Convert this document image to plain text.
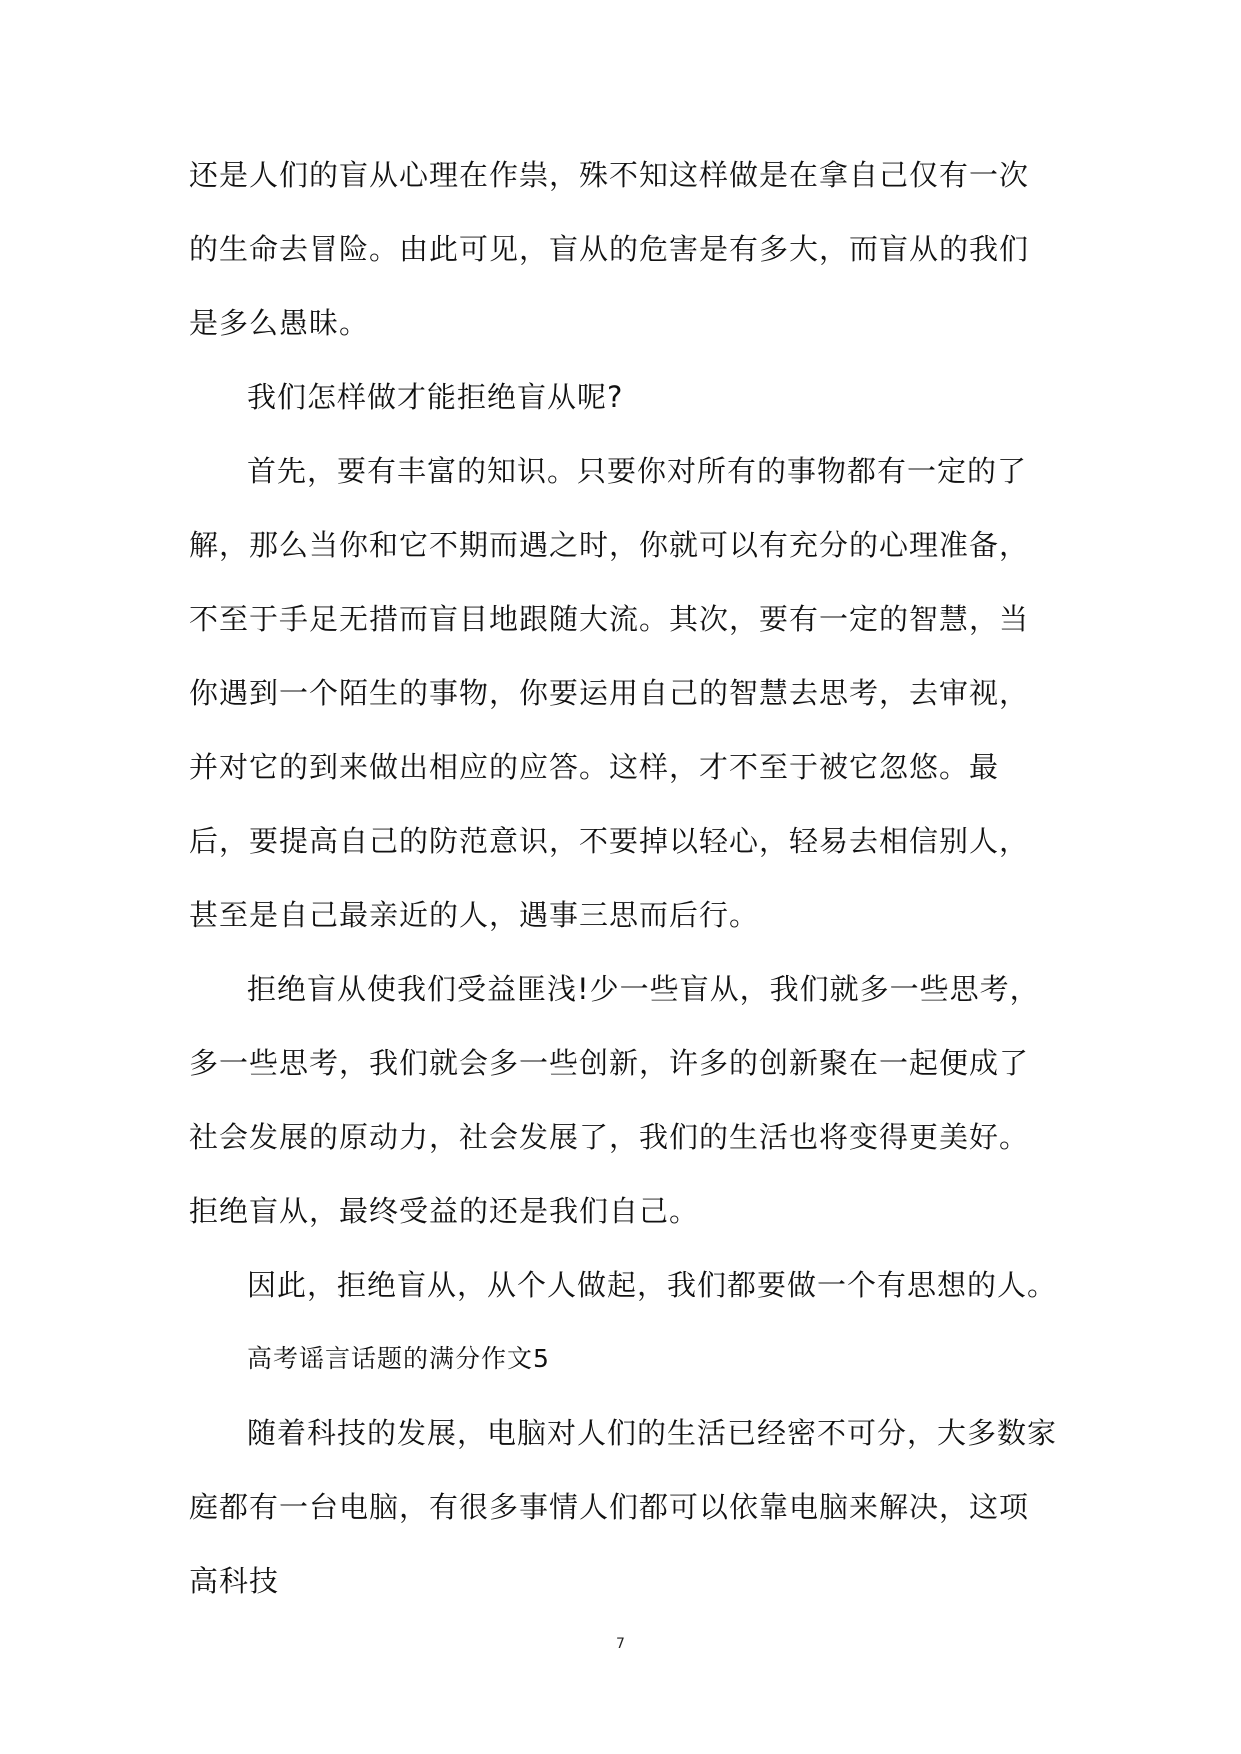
还是人们的盲从心理在作祟，殊不知这样做是在拿自己仅有一次的生命去冒险。由此可见，盲从的危害是有多大，而盲从的我们是多么愚昧。

我们怎样做才能拒绝盲从呢?

首先，要有丰富的知识。只要你对所有的事物都有一定的了解，那么当你和它不期而遇之时，你就可以有充分的心理准备，不至于手足无措而盲目地跟随大流。其次，要有一定的智慧，当你遇到一个陌生的事物，你要运用自己的智慧去思考，去审视，并对它的到来做出相应的应答。这样，才不至于被它忽悠。最后，要提高自己的防范意识，不要掉以轻心，轻易去相信别人，甚至是自己最亲近的人，遇事三思而后行。

拒绝盲从使我们受益匪浅!少一些盲从，我们就多一些思考，多一些思考，我们就会多一些创新，许多的创新聚在一起便成了社会发展的原动力，社会发展了，我们的生活也将变得更美好。拒绝盲从，最终受益的还是我们自己。

因此，拒绝盲从，从个人做起，我们都要做一个有思想的人。

高考谣言话题的满分作文5

随着科技的发展，电脑对人们的生活已经密不可分，大多数家庭都有一台电脑，有很多事情人们都可以依靠电脑来解决，这项高科技

7
